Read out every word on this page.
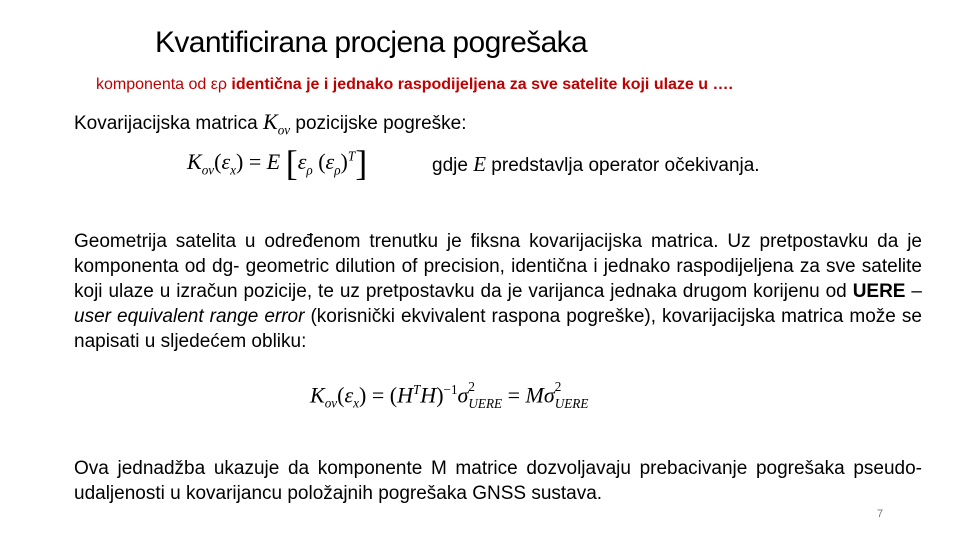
Kvantificirana procjena pogrešaka
komponenta od ερ identična je i jednako raspodijeljena za sve satelite koji ulaze u ….
Kovarijacijska matrica $K_{ov}$ pozicijske pogreške:
$K_{ov}(\varepsilon_x) = E$ [$\varepsilon_\rho$ $(\varepsilon_\rho)^T$]	gdje E predstavlja operator očekivanja.
Geometrija satelita u određenom trenutku je fiksna kovarijacijska matrica. Uz pretpostavku da je komponenta od dg- geometric dilution of precision, identična i jednako raspodijeljena za sve satelite koji ulaze u izračun pozicije, te uz pretpostavku da je varijanca jednaka drugom korijenu od UERE – user equivalent range error (korisnički ekvivalent raspona pogreške), kovarijacijska matrica može se napisati u sljedećem obliku:
$K_{ov}(\varepsilon_x) = (H^TH)^{-1}\sigma$ $_{2 UERE}$ = Mσ $_{2 UERE}$
Ova jednadžba ukazuje da komponente M matrice dozvoljavaju prebacivanje pogrešaka pseudo-udaljenosti u kovarijancu položajnih pogrešaka GNSS sustava.
7
